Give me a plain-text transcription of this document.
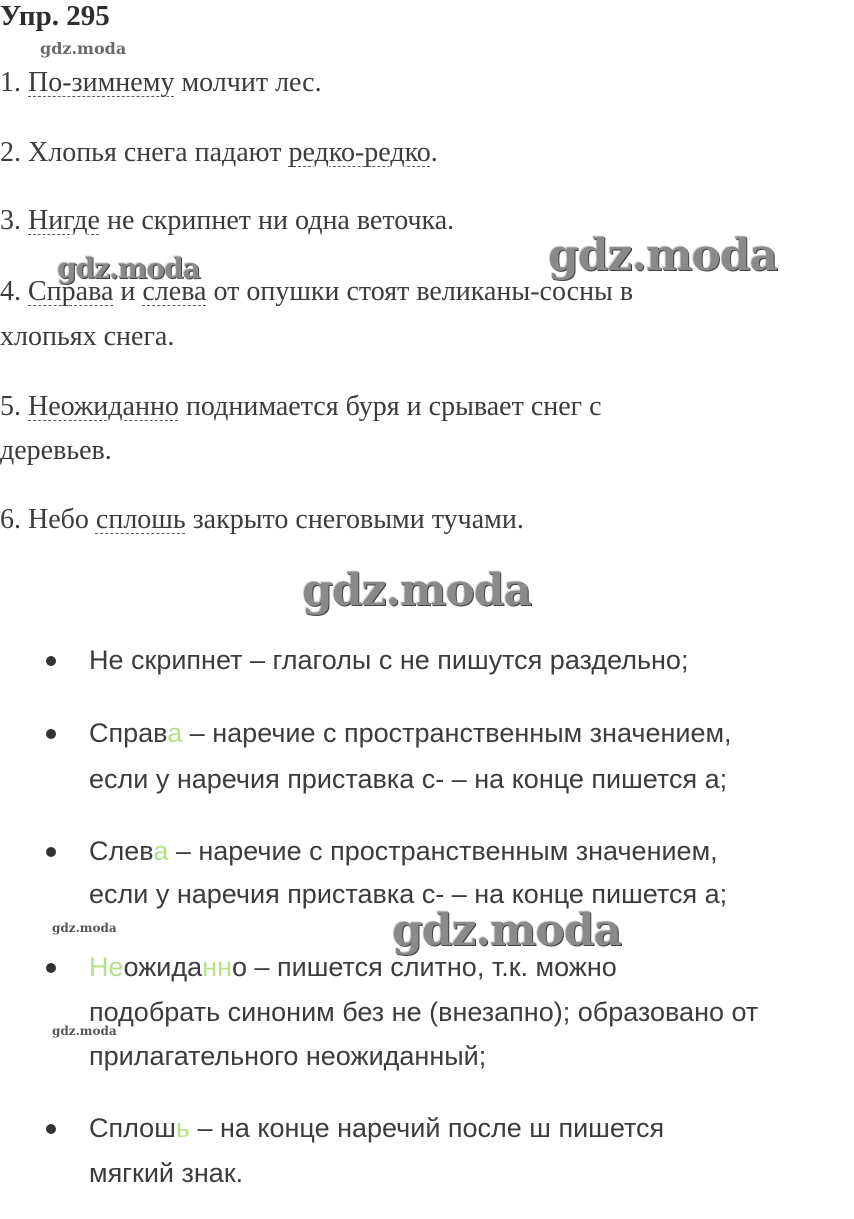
Упр. 295
gdz.moda
gdz.moda
gdz.moda
gdz.moda
gdz.moda
gdz.moda
gdz.moda
1. По-зимнему молчит лес.
2. Хлопья снега падают редко-редко.
3. Нигде не скрипнет ни одна веточка.
4. Справа и слева от опушки стоят великаны-сосны в
хлопьях снега.
5. Неожиданно поднимается буря и срывает снег с
деревьев.
6. Небо сплошь закрыто снеговыми тучами.
Не скрипнет – глаголы с не пишутся раздельно;
Справа – наречие с пространственным значением,
если у наречия приставка с- – на конце пишется а;
Слева – наречие с пространственным значением,
если у наречия приставка с- – на конце пишется а;
Неожиданно – пишется слитно, т.к. можно
подобрать синоним без не (внезапно); образовано от
прилагательного неожиданный;
Сплошь – на конце наречий после ш пишется
мягкий знак.
